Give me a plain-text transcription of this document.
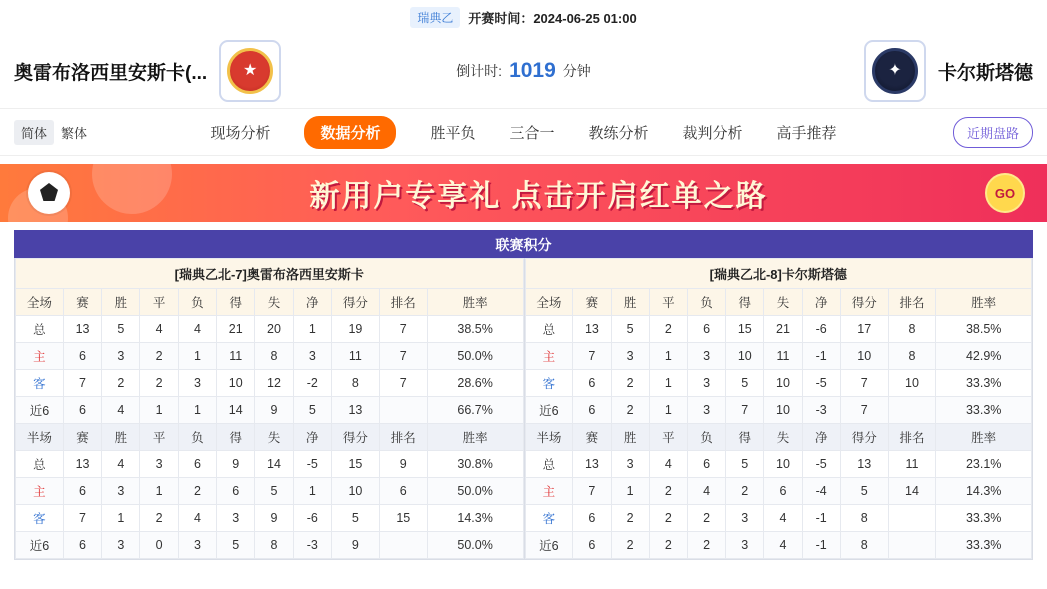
瑞典乙	开赛时间：2024-06-25 01:00
奥雷布洛西里安斯卡(... ★	倒计时: 1019 分钟	✦ 卡尔斯塔德
简体	繁体	现场分析	数据分析	胜平负 三合一 教练分析 裁判分析 高手推荐	近期盘路
新用户专享礼 点击开启红单之路	GO
联赛积分
[瑞典乙北-7]奥雷布洛西里安斯卡										
全场	赛	胜	平	负	得	失	净	得分	排名	胜率
总	13	5	4	4	21	20	1	19	7	38.5%
主	6	3	2	1	11	8	3	11	7	50.0%
客	7	2	2	3	10	12	-2	8	7	28.6%
近6	6	4	1	1	14	9	5	13		66.7%
半场	赛	胜	平	负	得	失	净	得分	排名	胜率
总	13	4	3	6	9	14	-5	15	9	30.8%
主	6	3	1	2	6	5	1	10	6	50.0%
客	7	1	2	4	3	9	-6	5	15	14.3%
近6	6	3	0	3	5	8	-3	9		50.0%
[瑞典乙北-8]卡尔斯塔德										
全场	赛	胜	平	负	得	失	净	得分	排名	胜率
总	13	5	2	6	15	21	-6	17	8	38.5%
主	7	3	1	3	10	11	-1	10	8	42.9%
客	6	2	1	3	5	10	-5	7	10	33.3%
近6	6	2	1	3	7	10	-3	7		33.3%
半场	赛	胜	平	负	得	失	净	得分	排名	胜率
总	13	3	4	6	5	10	-5	13	11	23.1%
主	7	1	2	4	2	6	-4	5	14	14.3%
客	6	2	2	2	3	4	-1	8		33.3%
近6	6	2	2	2	3	4	-1	8		33.3%
